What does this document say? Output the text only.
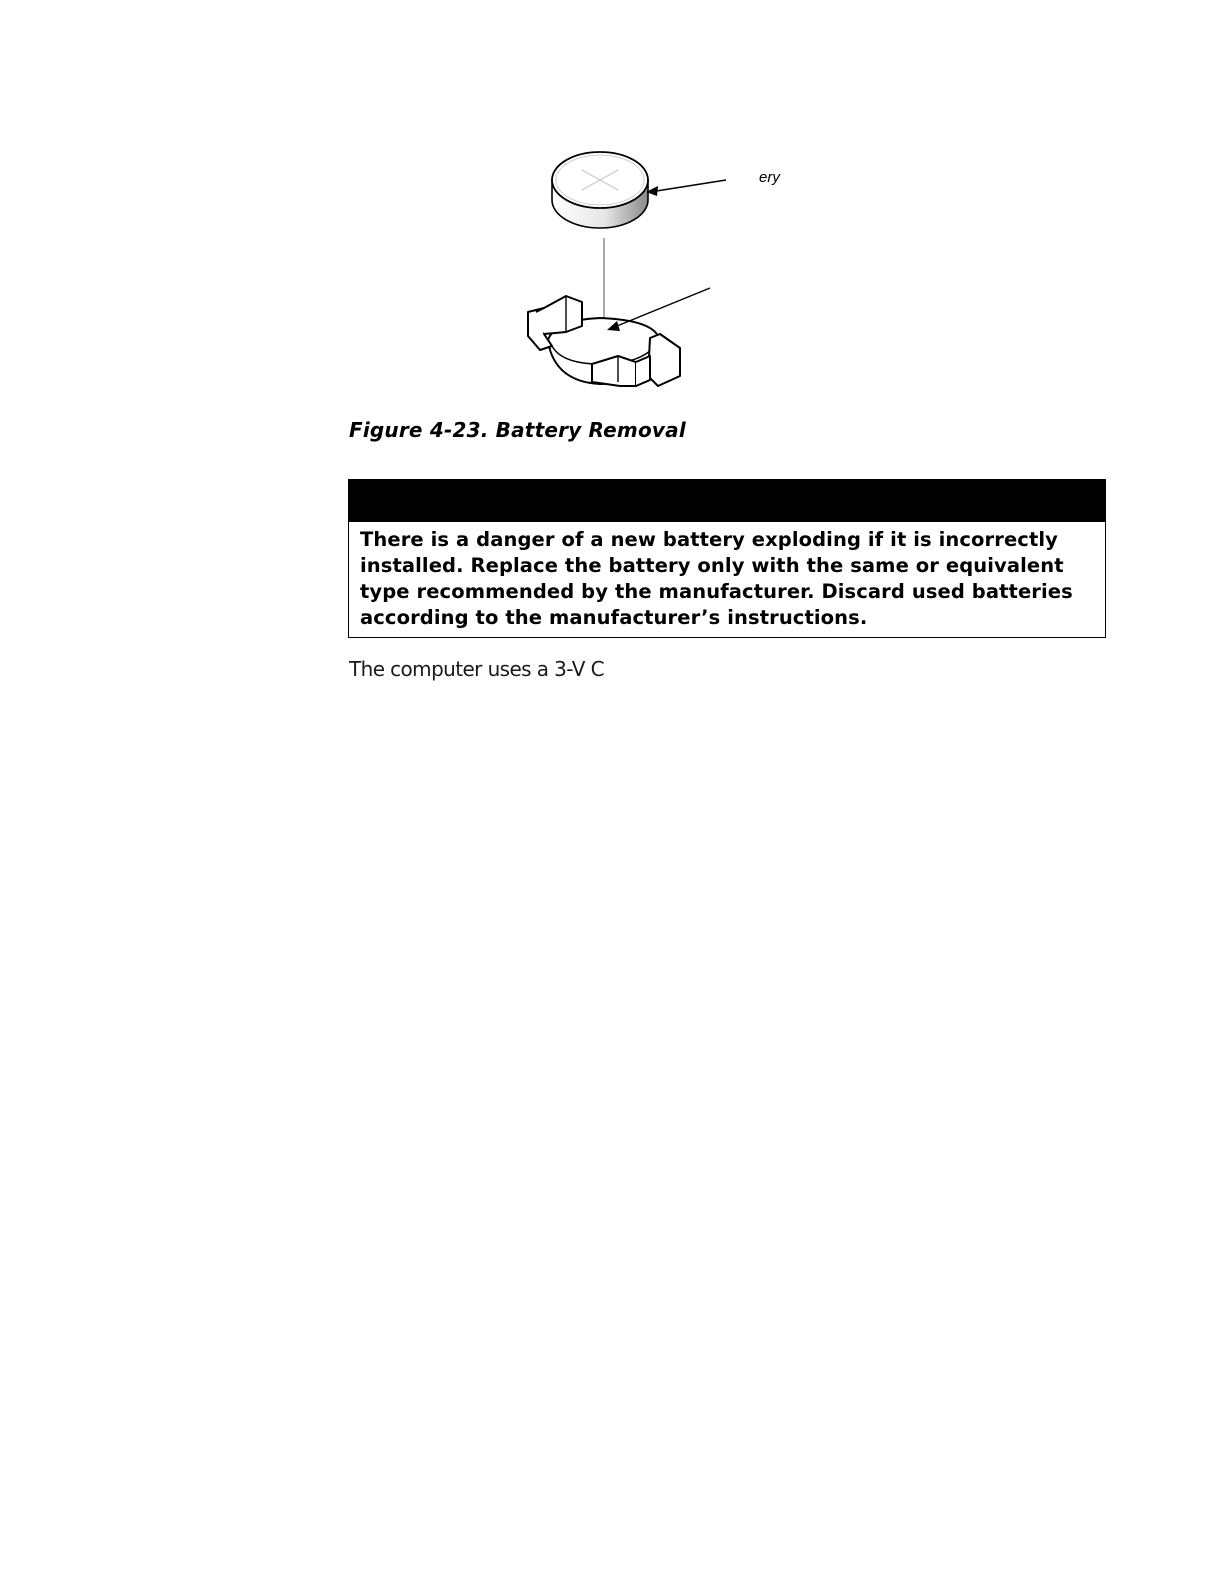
ery
Figure 4-23. Battery Removal
There is a danger of a new battery exploding if it is incorrectly
installed. Replace the battery only with the same or equivalent
type recommended by the manufacturer. Discard used batteries
according to the manufacturer’s instructions.
The computer uses a 3-V C
